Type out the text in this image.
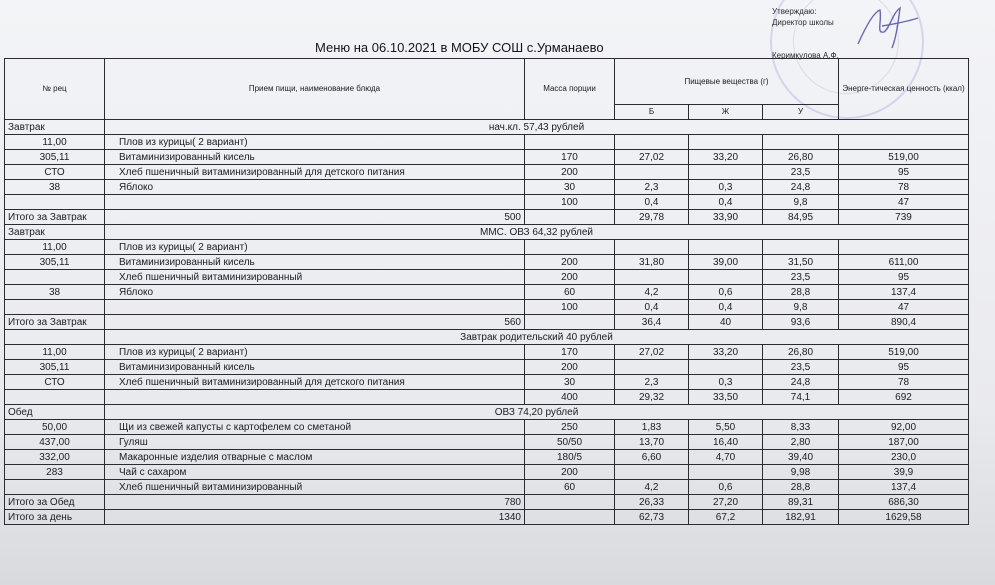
Утверждаю:
Директор школы
Керимкулова А.Ф.
Меню на 06.10.2021 в МОБУ СОШ с.Урманаево
№ рец	Прием пищи, наименование блюда	Масса порции	Пищевые вещества (г)			Энерге-тическая ценность (ккал)
			Б	Ж	У	
Завтрак	нач.кл. 57,43 рублей					
11,00	Плов из курицы( 2 вариант)					
305,11	Витаминизированный кисель	170	27,02	33,20	26,80	519,00
СТО	Хлеб пшеничный витаминизированный для детского питания	200			23,5	95
38	Яблоко	30	2,3	0,3	24,8	78
		100	0,4	0,4	9,8	47
Итого за Завтрак	500		29,78	33,90	84,95	739
Завтрак	ММС. ОВЗ 64,32 рублей					
11,00	Плов из курицы( 2 вариант)					
305,11	Витаминизированный кисель	200	31,80	39,00	31,50	611,00
	Хлеб пшеничный витаминизированный	200			23,5	95
38	Яблоко	60	4,2	0,6	28,8	137,4
		100	0,4	0,4	9,8	47
Итого за Завтрак	560		36,4	40	93,6	890,4
	Завтрак родительский 40 рублей					
11,00	Плов из курицы( 2 вариант)	170	27,02	33,20	26,80	519,00
305,11	Витаминизированный кисель	200			23,5	95
СТО	Хлеб пшеничный витаминизированный для детского питания	30	2,3	0,3	24,8	78
		400	29,32	33,50	74,1	692
Обед	ОВЗ 74,20 рублей					
50,00	Щи из свежей капусты с картофелем со сметаной	250	1,83	5,50	8,33	92,00
437,00	Гуляш	50/50	13,70	16,40	2,80	187,00
332,00	Макаронные изделия отварные с маслом	180/5	6,60	4,70	39,40	230,0
283	Чай с сахаром	200			9,98	39,9
	Хлеб пшеничный витаминизированный	60	4,2	0,6	28,8	137,4
Итого за Обед	780		26,33	27,20	89,31	686,30
Итого за день	1340		62,73	67,2	182,91	1629,58
